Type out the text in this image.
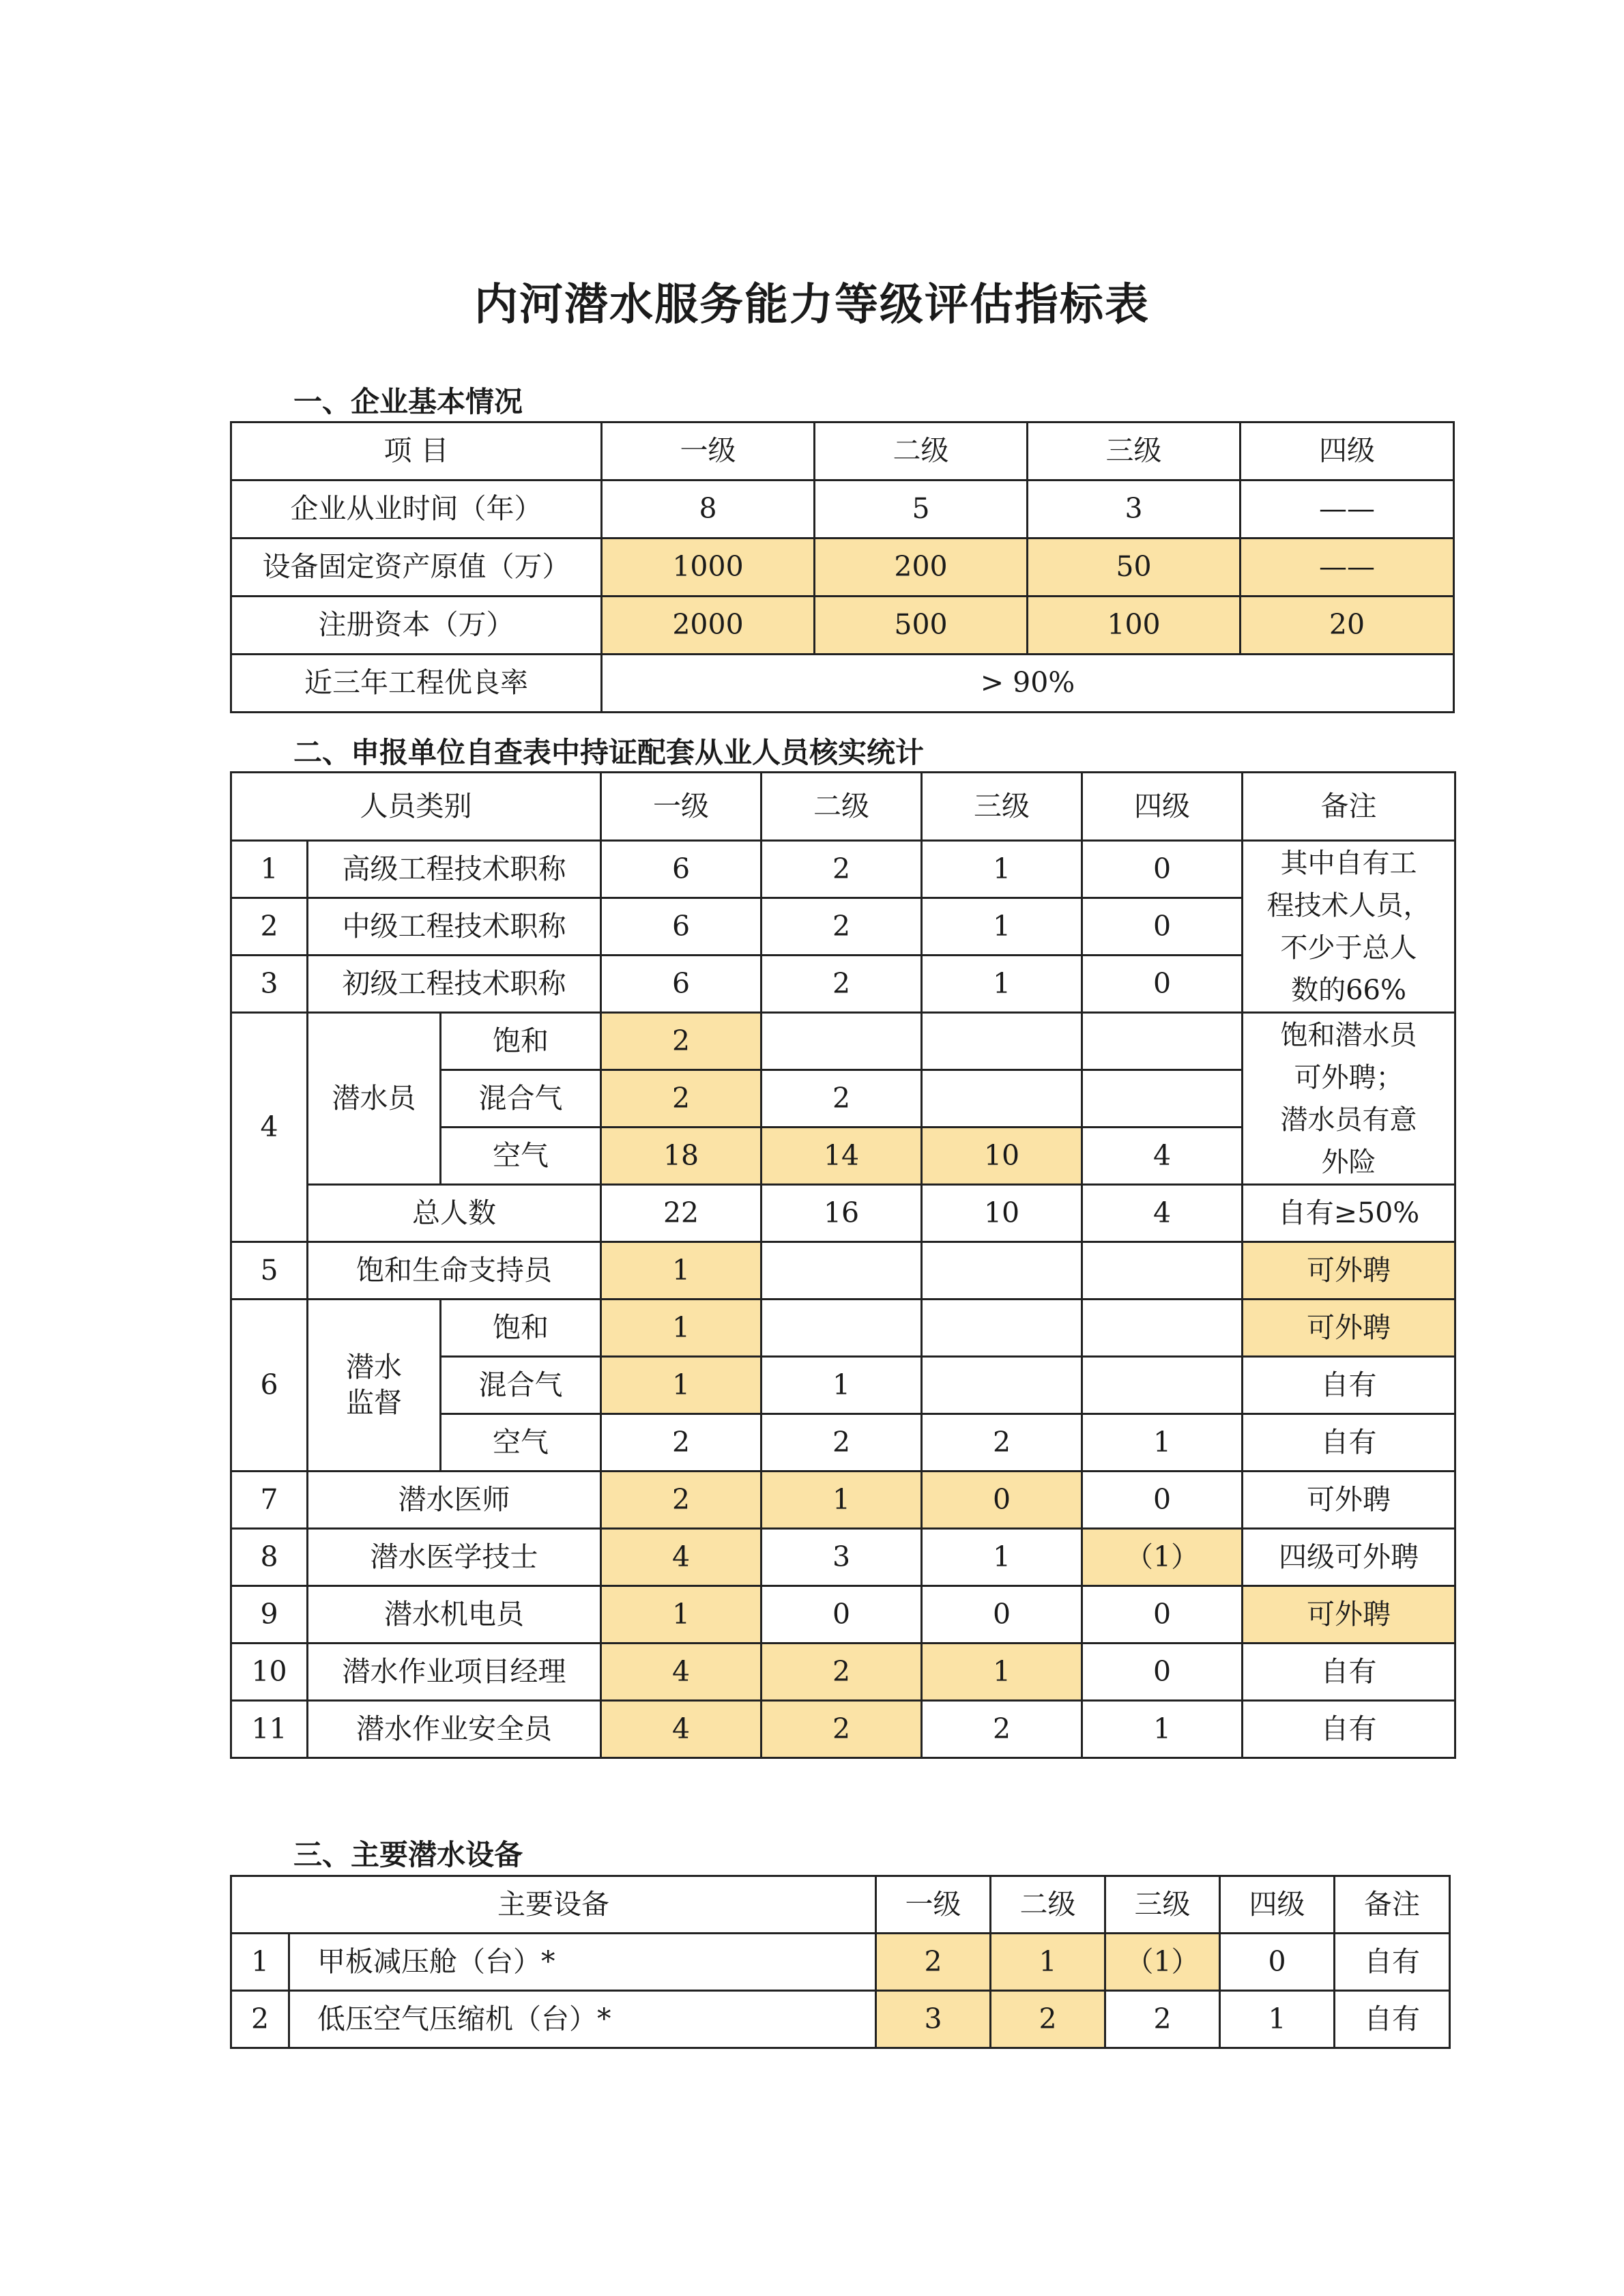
内河潜水服务能力等级评估指标表
一、企业基本情况
项 目	一级	二级	三级	四级
企业从业时间（年）	8	5	3	——
设备固定资产原值（万）	1000	200	50	——
注册资本（万）	2000	500	100	20
近三年工程优良率	> 90%			
二、申报单位自查表中持证配套从业人员核实统计
人员类别			一级	二级	三级	四级	备注
1	高级工程技术职称		6	2	1	0	其中自有工
程技术人员，
不少于总人
数的66%

2	中级工程技术职称		6	2	1	0	
3	初级工程技术职称		6	2	1	0	
4	潜水员	饱和	2				饱和潜水员
可外聘；
潜水员有意
外险

		混合气	2	2			
		空气	18	14	10	4	
	总人数		22	16	10	4	自有≥50%
5	饱和生命支持员		1				可外聘
6	潜水
监督	饱和	1				可外聘
		混合气	1	1			自有
		空气	2	2	2	1	自有
7	潜水医师		2	1	0	0	可外聘
8	潜水医学技士		4	3	1	（1）	四级可外聘
9	潜水机电员		1	0	0	0	可外聘
10	潜水作业项目经理		4	2	1	0	自有
11	潜水作业安全员		4	2	2	1	自有
三、主要潜水设备
主要设备		一级	二级	三级	四级	备注
1	甲板减压舱（台）*	2	1	（1）	0	自有
2	低压空气压缩机（台）*	3	2	2	1	自有
